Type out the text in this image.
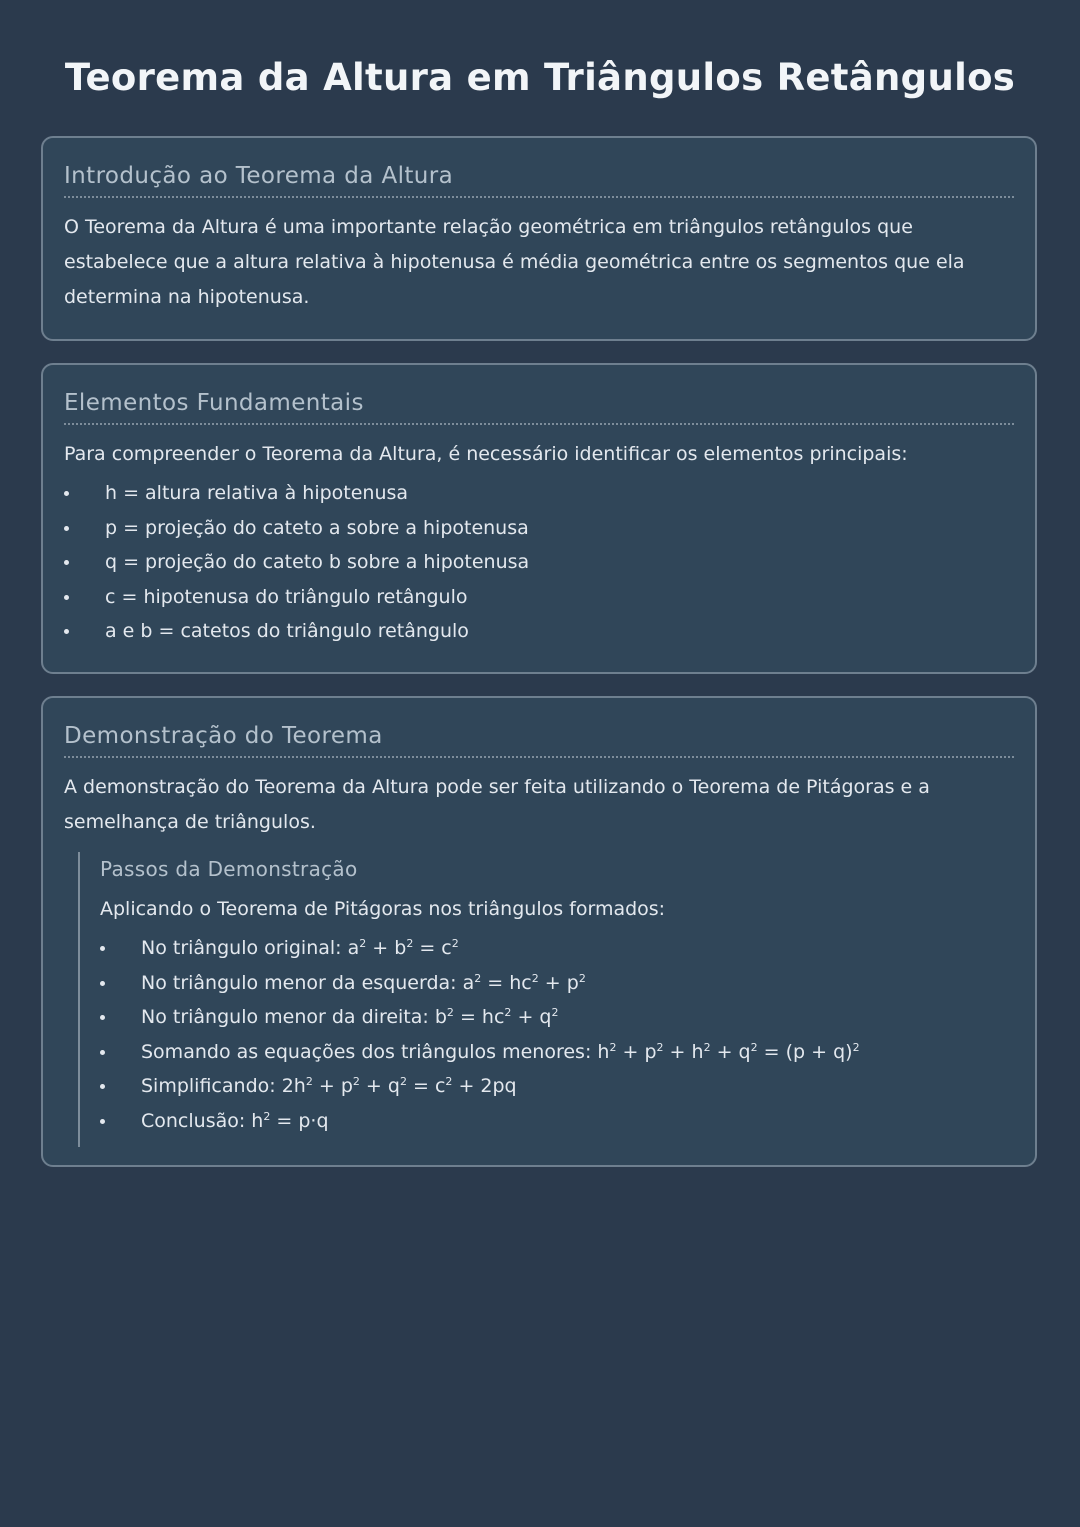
Teorema da Altura em Triângulos Retângulos
Introdução ao Teorema da Altura

O Teorema da Altura é uma importante relação geométrica em triângulos retângulos que estabelece que a altura relativa à hipotenusa é média geométrica entre os segmentos que ela determina na hipotenusa.

Elementos Fundamentais

Para compreender o Teorema da Altura, é necessário identificar os elementos principais:

h = altura relativa à hipotenusa
p = projeção do cateto a sobre a hipotenusa
q = projeção do cateto b sobre a hipotenusa
c = hipotenusa do triângulo retângulo
a e b = catetos do triângulo retângulo
Demonstração do Teorema

A demonstração do Teorema da Altura pode ser feita utilizando o Teorema de Pitágoras e a semelhança de triângulos.

Passos da Demonstração

Aplicando o Teorema de Pitágoras nos triângulos formados:

No triângulo original: $a^2 + b^2 = c^2$
No triângulo menor da esquerda: $a^2 = hc^2 + p^2$
No triângulo menor da direita: $b^2 = hc^2 + q^2$
Somando as equações dos triângulos menores: $h^2 + p^2 + h^2 + q^2 = (p + q)^2$
Simplificando: $2h^2 + p^2 + q^2 = c^2 + 2pq$
Conclusão: $h^2 = p\cdot q$
